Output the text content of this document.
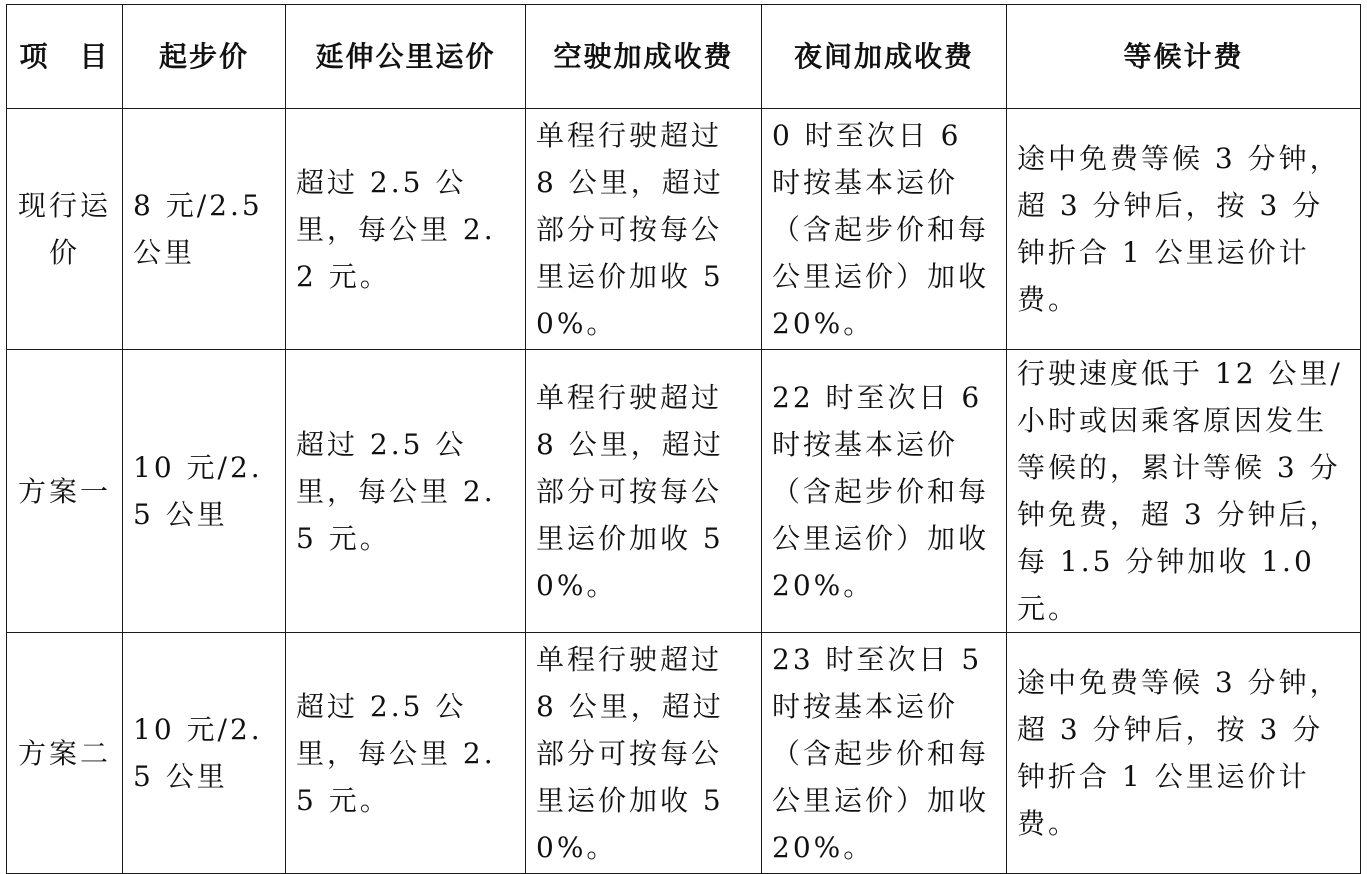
项　目	起步价	延伸公里运价	空驶加成收费	夜间加成收费	等候计费
现行运价	8 元/2.5 公里	超过 2.5 公里，每公里 2.2 元。	单程行驶超过 8 公里，超过部分可按每公里运价加收 50%。	0 时至次日 6 时按基本运价（含起步价和每公里运价）加收 20%。	途中免费等候 3 分钟，超 3 分钟后，按 3 分钟折合 1 公里运价计费。
方案一	10 元/2.5 公里	超过 2.5 公里，每公里 2.5 元。	单程行驶超过 8 公里，超过部分可按每公里运价加收 50%。	22 时至次日 6 时按基本运价（含起步价和每公里运价）加收 20%。	行驶速度低于 12 公里/小时或因乘客原因发生等候的，累计等候 3 分钟免费，超 3 分钟后，每 1.5 分钟加收 1.0 元。
方案二	10 元/2.5 公里	超过 2.5 公里，每公里 2.5 元。	单程行驶超过 8 公里，超过部分可按每公里运价加收 50%。	23 时至次日 5 时按基本运价（含起步价和每公里运价）加收 20%。	途中免费等候 3 分钟，超 3 分钟后，按 3 分钟折合 1 公里运价计费。
